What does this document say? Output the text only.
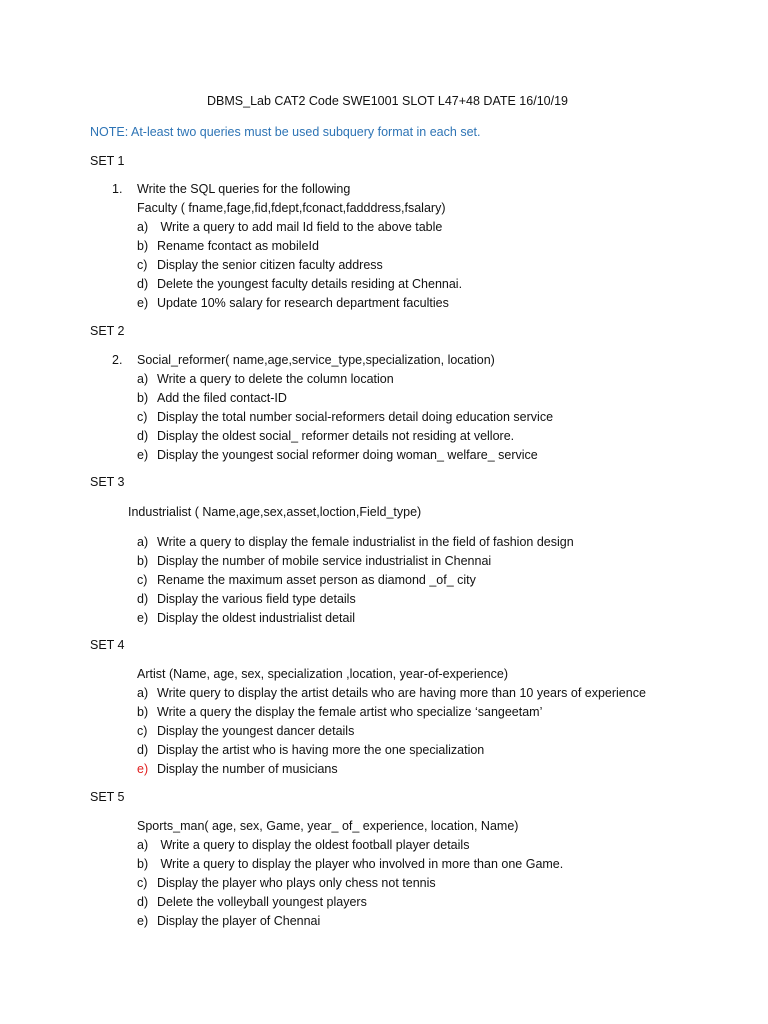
DBMS_Lab CAT2 Code SWE1001 SLOT L47+48 DATE 16/10/19
NOTE: At-least two queries must be used subquery format in each set.
SET 1
1. Write the SQL queries for the following
Faculty ( fname,fage,fid,fdept,fconact,fadddress,fsalary)
a) Write a query to add mail Id field to the above table
b) Rename fcontact as mobileId
c) Display the senior citizen faculty address
d) Delete the youngest faculty details residing at Chennai.
e) Update 10% salary for research department faculties
SET 2
2. Social_reformer( name,age,service_type,specialization, location)
a) Write a query to delete the column location
b) Add the filed contact-ID
c) Display the total number social-reformers detail doing education service
d) Display the oldest social_ reformer details not residing at vellore.
e) Display the youngest social reformer doing woman_ welfare_ service
SET 3
Industrialist ( Name,age,sex,asset,loction,Field_type)
a) Write a query to display the female industrialist in the field of fashion design
b) Display the number of mobile service industrialist in Chennai
c) Rename the maximum asset person as diamond _of_ city
d) Display the various field type details
e) Display the oldest industrialist detail
SET 4
Artist (Name, age, sex, specialization ,location, year-of-experience)
a) Write query to display the artist details who are having more than 10 years of experience
b) Write a query the display the female artist who specialize ‘sangeetam’
c) Display the youngest dancer details
d) Display the artist who is having more the one specialization
e) Display the number of musicians
SET 5
Sports_man( age, sex, Game, year_ of_ experience, location, Name)
a) Write a query to display the oldest football player details
b) Write a query to display the player who involved in more than one Game.
c) Display the player who plays only chess not tennis
d) Delete the volleyball youngest players
e) Display the player of Chennai
